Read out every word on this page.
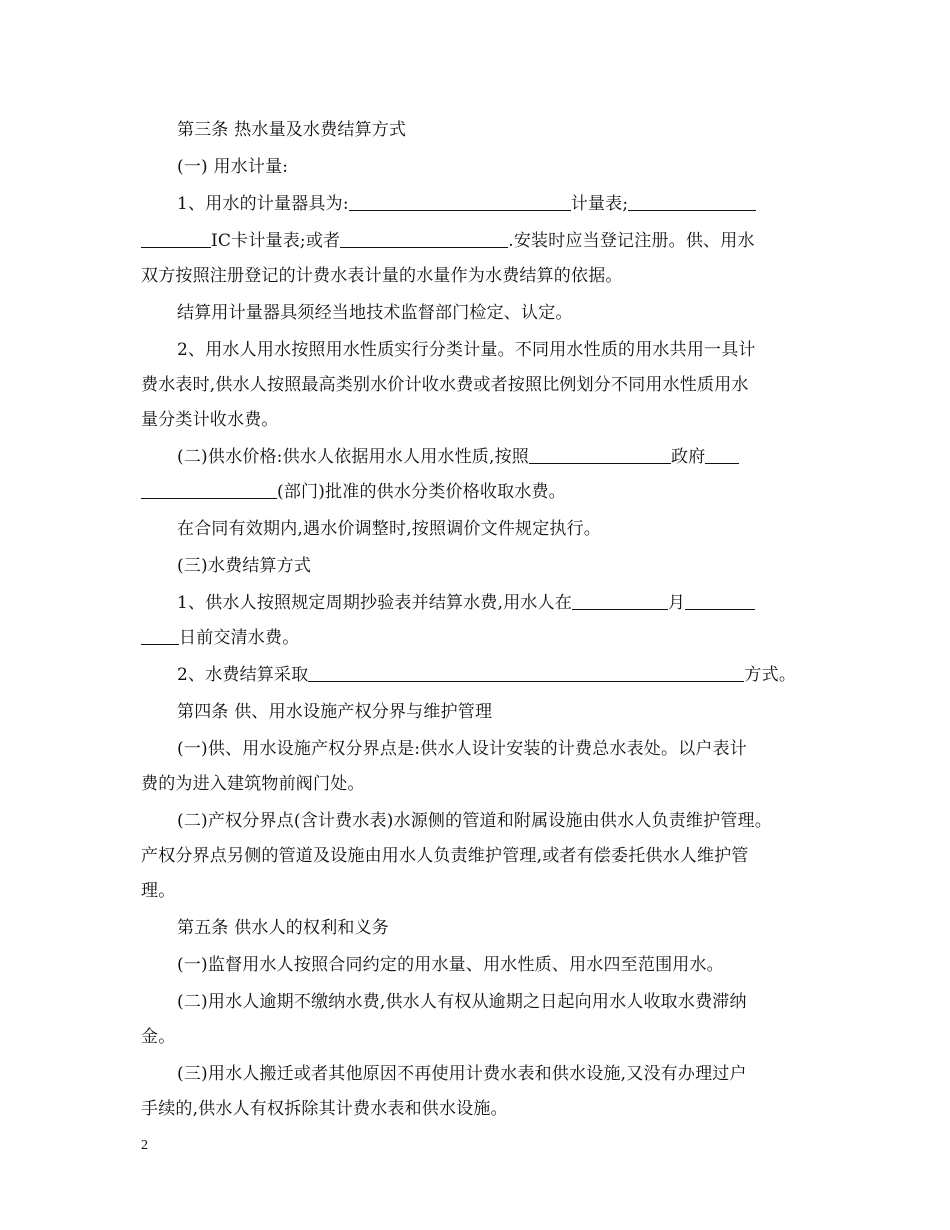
第三条 热水量及水费结算方式
(一) 用水计量:
1、用水的计量器具为:	计量表;
IC卡计量表;或者	.安装时应当登记注册。供、用水
双方按照注册登记的计费水表计量的水量作为水费结算的依据。
结算用计量器具须经当地技术监督部门检定、认定。
2、用水人用水按照用水性质实行分类计量。不同用水性质的用水共用一具计
费水表时,供水人按照最高类别水价计收水费或者按照比例划分不同用水性质用水
量分类计收水费。
(二)供水价格:供水人依据用水人用水性质,按照	政府
(部门)批准的供水分类价格收取水费。
在合同有效期内,遇水价调整时,按照调价文件规定执行。
(三)水费结算方式
1、供水人按照规定周期抄验表并结算水费,用水人在	月
日前交清水费。
2、水费结算采取	方式。
第四条 供、用水设施产权分界与维护管理
(一)供、用水设施产权分界点是:供水人设计安装的计费总水表处。以户表计
费的为进入建筑物前阀门处。
(二)产权分界点(含计费水表)水源侧的管道和附属设施由供水人负责维护管理。
产权分界点另侧的管道及设施由用水人负责维护管理,或者有偿委托供水人维护管
理。
第五条 供水人的权利和义务
(一)监督用水人按照合同约定的用水量、用水性质、用水四至范围用水。
(二)用水人逾期不缴纳水费,供水人有权从逾期之日起向用水人收取水费滞纳
金。
(三)用水人搬迁或者其他原因不再使用计费水表和供水设施,又没有办理过户
手续的,供水人有权拆除其计费水表和供水设施。
2
